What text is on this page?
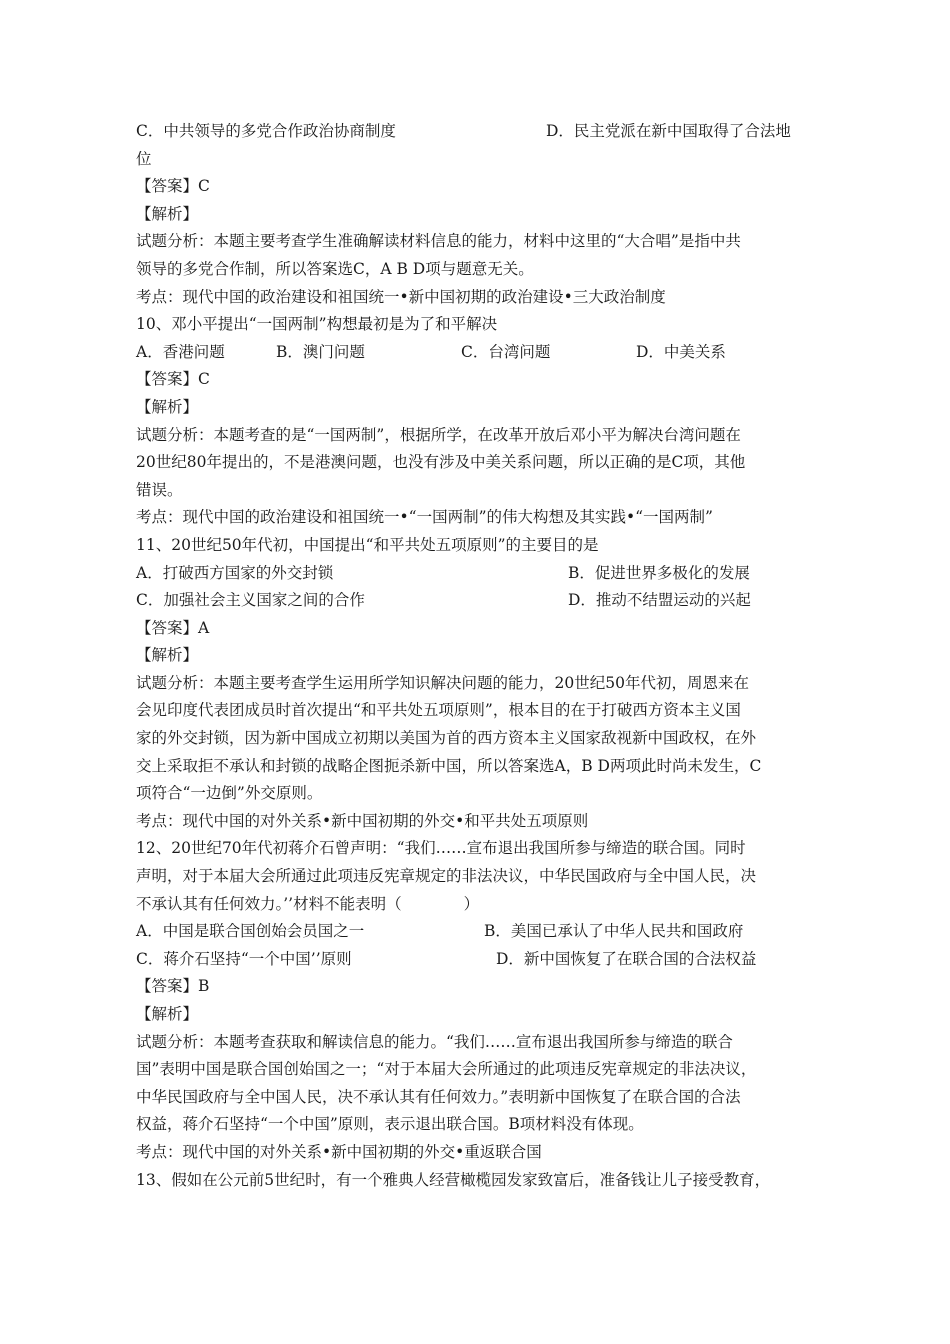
C．中共领导的多党合作政治协商制度	D．民主党派在新中国取得了合法地
位
【答案】C
【解析】
试题分析：本题主要考查学生准确解读材料信息的能力，材料中这里的“大合唱”是指中共
领导的多党合作制，所以答案选C，A B D项与题意无关。
考点：现代中国的政治建设和祖国统一•新中国初期的政治建设•三大政治制度
10、邓小平提出“一国两制”构想最初是为了和平解决
A．香港问题	B．澳门问题	C．台湾问题	D．中美关系
【答案】C
【解析】
试题分析：本题考查的是“一国两制”，根据所学，在改革开放后邓小平为解决台湾问题在
20世纪80年提出的，不是港澳问题，也没有涉及中美关系问题，所以正确的是C项，其他
错误。
考点：现代中国的政治建设和祖国统一•“一国两制”的伟大构想及其实践•“一国两制”
11、20世纪50年代初，中国提出“和平共处五项原则”的主要目的是
A．打破西方国家的外交封锁	B．促进世界多极化的发展
C．加强社会主义国家之间的合作	D．推动不结盟运动的兴起
【答案】A
【解析】
试题分析：本题主要考查学生运用所学知识解决问题的能力，20世纪50年代初，周恩来在
会见印度代表团成员时首次提出“和平共处五项原则”，根本目的在于打破西方资本主义国
家的外交封锁，因为新中国成立初期以美国为首的西方资本主义国家敌视新中国政权，在外
交上采取拒不承认和封锁的战略企图扼杀新中国，所以答案选A，B D两项此时尚未发生，C
项符合“一边倒”外交原则。
考点：现代中国的对外关系•新中国初期的外交•和平共处五项原则
12、20世纪70年代初蒋介石曾声明：“我们……宣布退出我国所参与缔造的联合国。同时
声明，对于本届大会所通过此项违反宪章规定的非法决议，中华民国政府与全中国人民，决
不承认其有任何效力。’’材料不能表明（　　　　）
A．中国是联合国创始会员国之一	B．美国已承认了中华人民共和国政府
C．蒋介石坚持“一个中国’’原则	D．新中国恢复了在联合国的合法权益
【答案】B
【解析】
试题分析：本题考查获取和解读信息的能力。“我们……宣布退出我国所参与缔造的联合
国”表明中国是联合国创始国之一；“对于本届大会所通过的此项违反宪章规定的非法决议，
中华民国政府与全中国人民，决不承认其有任何效力。”表明新中国恢复了在联合国的合法
权益，蒋介石坚持“一个中国”原则，表示退出联合国。B项材料没有体现。
考点：现代中国的对外关系•新中国初期的外交•重返联合国
13、假如在公元前5世纪时，有一个雅典人经营橄榄园发家致富后，准备钱让儿子接受教育，
